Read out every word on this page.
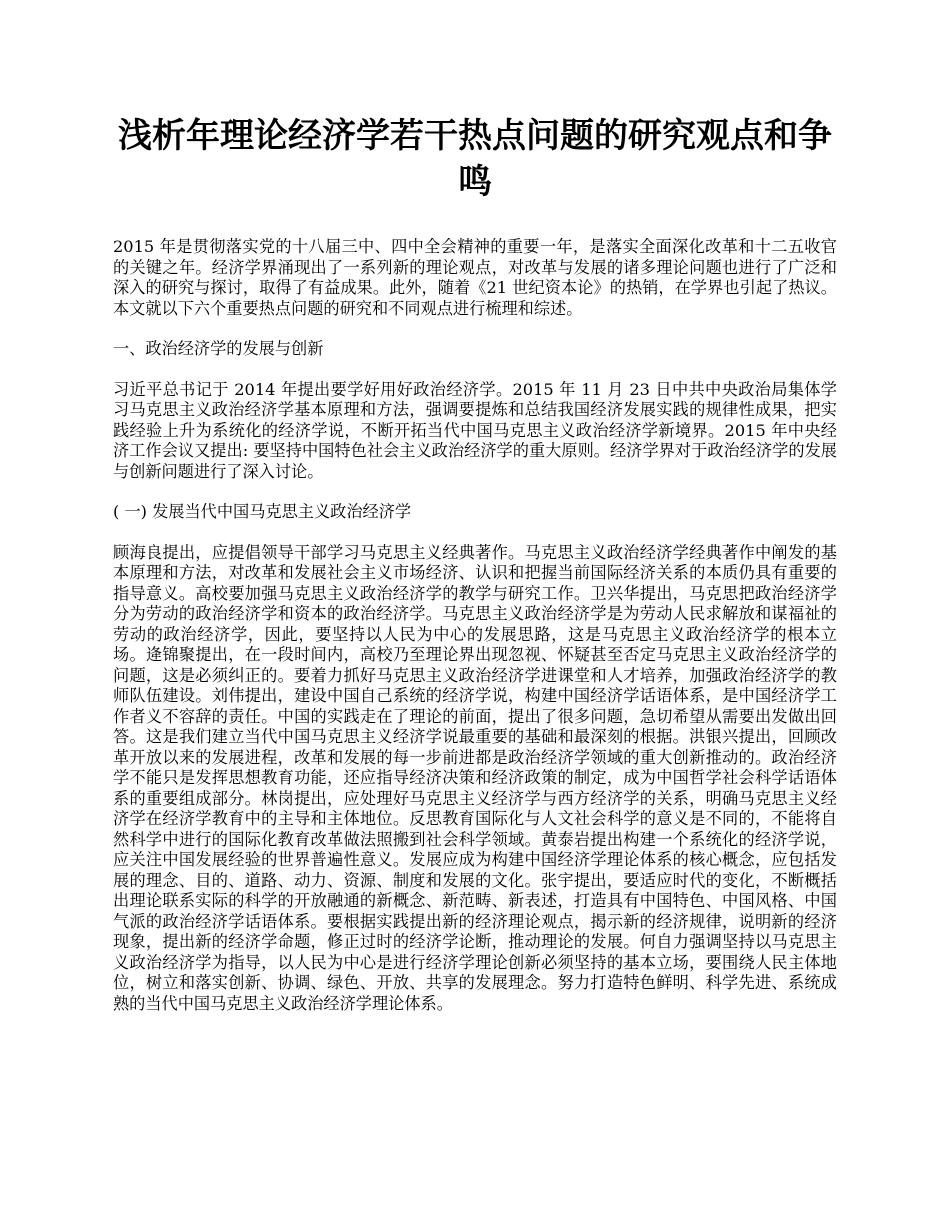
浅析年理论经济学若干热点问题的研究观点和争鸣

2015 年是贯彻落实党的十八届三中、四中全会精神的重要一年，是落实全面深化改革和十二五收官的关键之年。经济学界涌现出了一系列新的理论观点，对改革与发展的诸多理论问题也进行了广泛和深入的研究与探讨，取得了有益成果。此外，随着《21 世纪资本论》的热销，在学界也引起了热议。本文就以下六个重要热点问题的研究和不同观点进行梳理和综述。

一、政治经济学的发展与创新

习近平总书记于 2014 年提出要学好用好政治经济学。2015 年 11 月 23 日中共中央政治局集体学习马克思主义政治经济学基本原理和方法，强调要提炼和总结我国经济发展实践的规律性成果，把实践经验上升为系统化的经济学说，不断开拓当代中国马克思主义政治经济学新境界。2015 年中央经济工作会议又提出: 要坚持中国特色社会主义政治经济学的重大原则。经济学界对于政治经济学的发展与创新问题进行了深入讨论。

( 一) 发展当代中国马克思主义政治经济学

顾海良提出，应提倡领导干部学习马克思主义经典著作。马克思主义政治经济学经典著作中阐发的基本原理和方法，对改革和发展社会主义市场经济、认识和把握当前国际经济关系的本质仍具有重要的指导意义。高校要加强马克思主义政治经济学的教学与研究工作。卫兴华提出，马克思把政治经济学分为劳动的政治经济学和资本的政治经济学。马克思主义政治经济学是为劳动人民求解放和谋福祉的劳动的政治经济学，因此，要坚持以人民为中心的发展思路，这是马克思主义政治经济学的根本立场。逄锦聚提出，在一段时间内，高校乃至理论界出现忽视、怀疑甚至否定马克思主义政治经济学的问题，这是必须纠正的。要着力抓好马克思主义政治经济学进课堂和人才培养，加强政治经济学的教师队伍建设。刘伟提出，建设中国自己系统的经济学说，构建中国经济学话语体系，是中国经济学工作者义不容辞的责任。中国的实践走在了理论的前面，提出了很多问题，急切希望从需要出发做出回答。这是我们建立当代中国马克思主义经济学说最重要的基础和最深刻的根据。洪银兴提出，回顾改革开放以来的发展进程，改革和发展的每一步前进都是政治经济学领域的重大创新推动的。政治经济学不能只是发挥思想教育功能，还应指导经济决策和经济政策的制定，成为中国哲学社会科学话语体系的重要组成部分。林岗提出，应处理好马克思主义经济学与西方经济学的关系，明确马克思主义经济学在经济学教育中的主导和主体地位。反思教育国际化与人文社会科学的意义是不同的，不能将自然科学中进行的国际化教育改革做法照搬到社会科学领域。黄泰岩提出构建一个系统化的经济学说，应关注中国发展经验的世界普遍性意义。发展应成为构建中国经济学理论体系的核心概念，应包括发展的理念、目的、道路、动力、资源、制度和发展的文化。张宇提出，要适应时代的变化，不断概括出理论联系实际的科学的开放融通的新概念、新范畴、新表述，打造具有中国特色、中国风格、中国气派的政治经济学话语体系。要根据实践提出新的经济理论观点，揭示新的经济规律，说明新的经济现象，提出新的经济学命题，修正过时的经济学论断，推动理论的发展。何自力强调坚持以马克思主义政治经济学为指导，以人民为中心是进行经济学理论创新必须坚持的基本立场，要围绕人民主体地位，树立和落实创新、协调、绿色、开放、共享的发展理念。努力打造特色鲜明、科学先进、系统成熟的当代中国马克思主义政治经济学理论体系。
